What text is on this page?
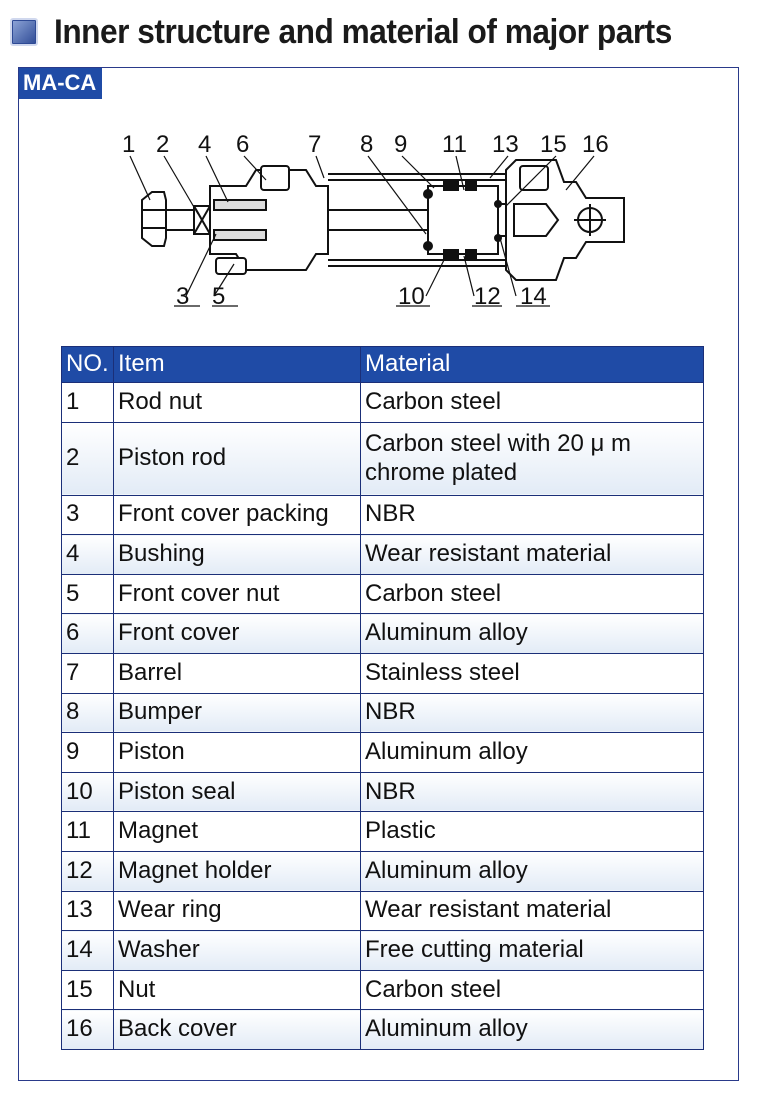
Inner structure and material of major parts
MA-CA
1 2 4 6 7 8 9 11 13 15 16
3 5	10 12 14
NO.	Item	Material
1	Rod nut	Carbon steel
2	Piston rod	Carbon steel with 20 μ m
chrome plated

3	Front cover packing	NBR
4	Bushing	Wear resistant material
5	Front cover nut	Carbon steel
6	Front cover	Aluminum alloy
7	Barrel	Stainless steel
8	Bumper	NBR
9	Piston	Aluminum alloy
10	Piston seal	NBR
11	Magnet	Plastic
12	Magnet holder	Aluminum alloy
13	Wear ring	Wear resistant material
14	Washer	Free cutting material
15	Nut	Carbon steel
16	Back cover	Aluminum alloy
